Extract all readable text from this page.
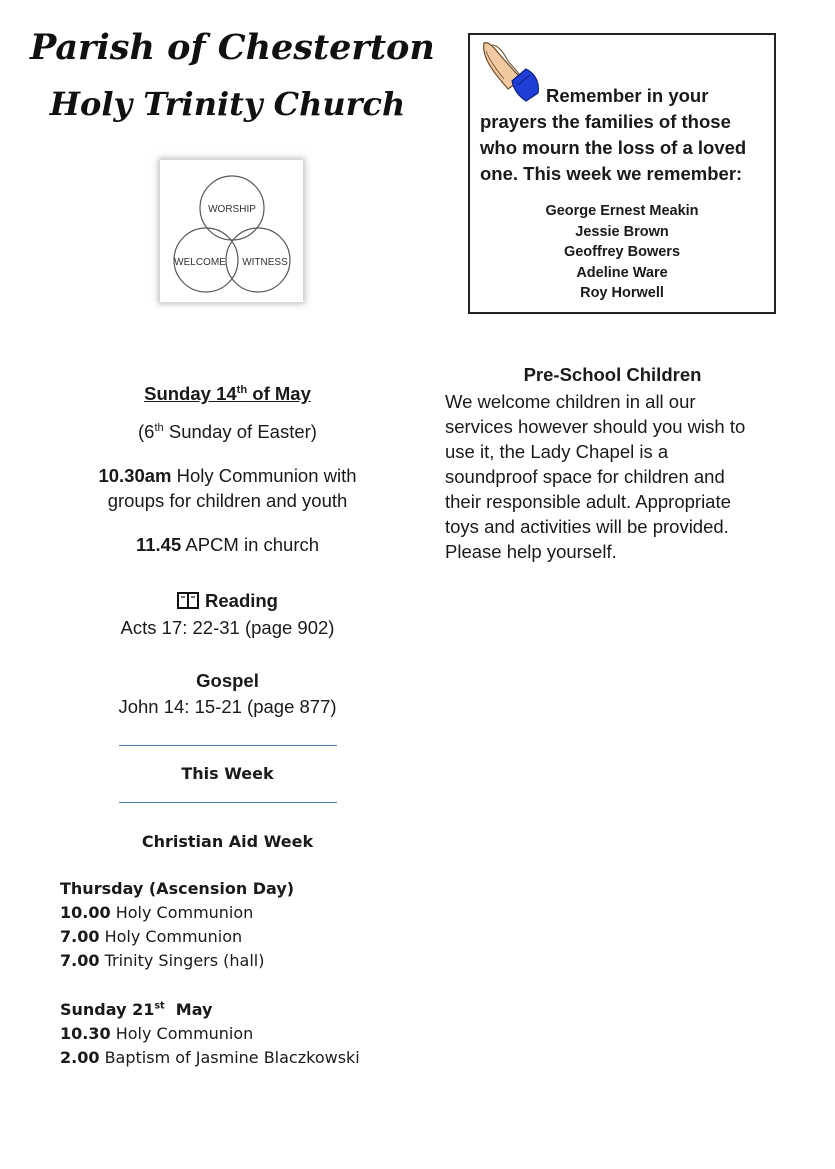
Parish of Chesterton
Holy Trinity Church
WORSHIP
WELCOME WITNESS
Remember in your
prayers the families of those
who mourn the loss of a loved
one. This week we remember:
George Ernest Meakin
Jessie Brown
Geoffrey Bowers
Adeline Ware
Roy Horwell
Sunday 14th of May
(6th Sunday of Easter)
10.30am Holy Communion with
groups for children and youth
11.45 APCM in church
Reading
Acts 17: 22-31 (page 902)
Gospel
John 14: 15-21 (page 877)
This Week
Christian Aid Week
Thursday (Ascension Day)
10.00 Holy Communion
7.00 Holy Communion
7.00 Trinity Singers (hall)
Sunday 21st  May
10.30 Holy Communion
2.00 Baptism of Jasmine Blaczkowski
Pre-School Children
We welcome children in all our
services however should you wish to
use it, the Lady Chapel is a
soundproof space for children and
their responsible adult. Appropriate
toys and activities will be provided.
Please help yourself.
